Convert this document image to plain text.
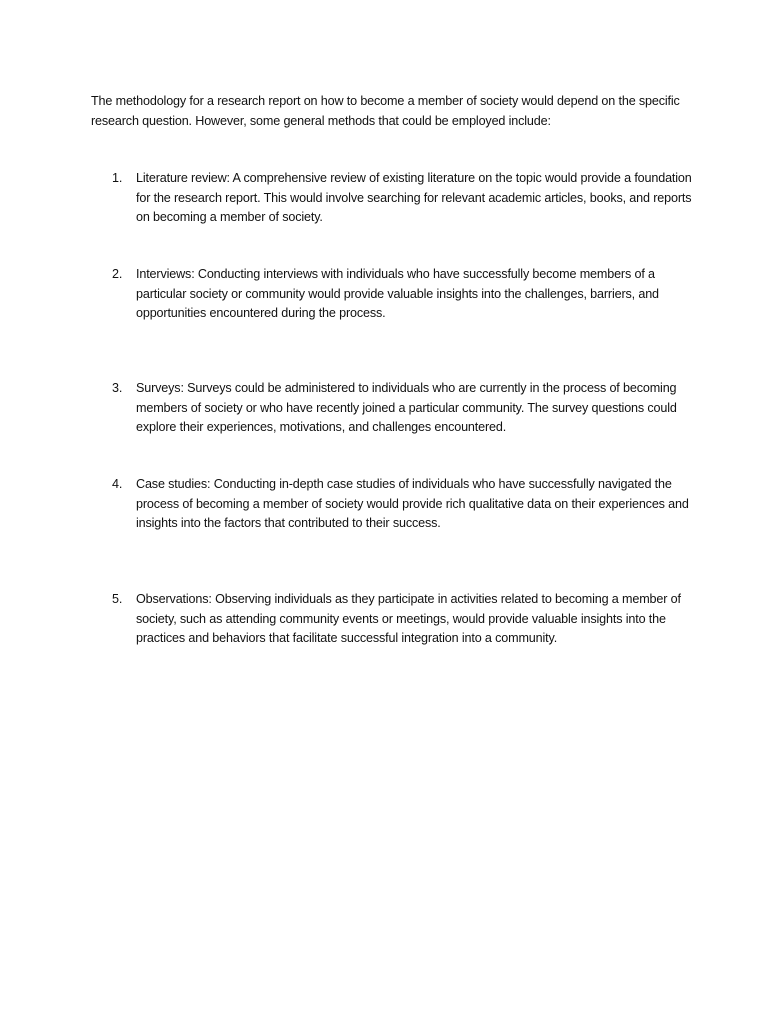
The methodology for a research report on how to become a member of society would depend on the specific research question. However, some general methods that could be employed include:

1.	Literature review: A comprehensive review of existing literature on the topic would provide a foundation for the research report. This would involve searching for relevant academic articles, books, and reports on becoming a member of society.
2.	Interviews: Conducting interviews with individuals who have successfully become members of a particular society or community would provide valuable insights into the challenges, barriers, and opportunities encountered during the process.
3.	Surveys: Surveys could be administered to individuals who are currently in the process of becoming members of society or who have recently joined a particular community. The survey questions could explore their experiences, motivations, and challenges encountered.
4.	Case studies: Conducting in-depth case studies of individuals who have successfully navigated the process of becoming a member of society would provide rich qualitative data on their experiences and insights into the factors that contributed to their success.
5.	Observations: Observing individuals as they participate in activities related to becoming a member of society, such as attending community events or meetings, would provide valuable insights into the practices and behaviors that facilitate successful integration into a community.
